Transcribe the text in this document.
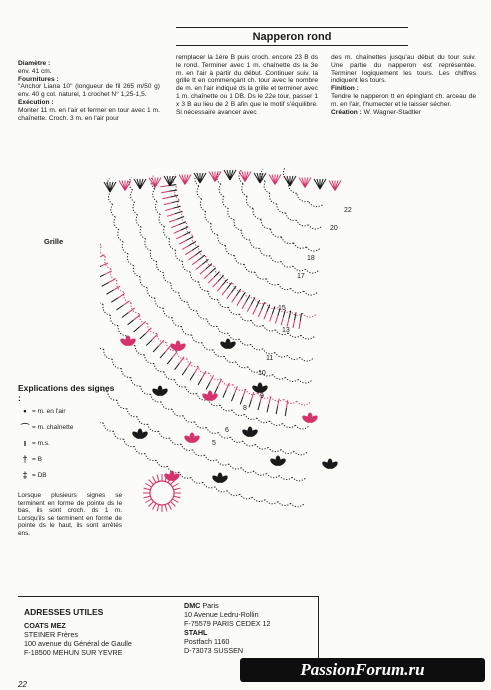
Napperon rond
Diamètre :
env. 41 cm.
Fournitures :
"Anchor Liana 10" (longueur de fil 265 m/50 g) env. 40 g col. naturel, 1 crochet N° 1,25-1,5.
Exécution :
Monter 11 m. en l'air et fermer en tour avec 1 m. chaînette. Croch. 3 m. en l'air pour
remplacer la 1ère B puis croch. encore 23 B ds le rond. Terminer avec 1 m. chaînette ds la 3e m. en l'air à partir du début. Continuer suiv. la grille tt en commençant ch. tour avec le nombre de m. en l'air indiqué ds la grille et terminer avec 1 m. chaînette ou 1 DB. Ds le 22e tour, passer 1 x 3 B au lieu de 2 B afin que le motif s'équilibre. Si nécessaire avancer avec
des m. chaînettes jusqu'au début du tour suiv. Une partie du napperon est représentée. Terminer logiquement les tours. Les chiffres indiquent les tours.
Finition :
Tendre le napperon tt en épinglant ch. arceau de m. en l'air, l'humecter et le laisser sécher.
Création : W. Wagner-Stadtler
22
20
18
17
15
13
11
10
9
8
6
5
Grille
Explications des signes :
• = m. en l'air
⌒ = m. chaînette
ı = m.s.
† = B
‡ = DB
Lorsque plusieurs signes se terminent en forme de pointe ds le bas, ils sont croch. ds 1 m. Lorsqu'ils se terminent en forme de pointe ds le haut, ils sont arrêtés ens.
ADRESSES UTILES
COATS MEZ
STEINER Frères
100 avenue du Général de Gaulle
F-18500 MEHUN SUR YEVRE
DMC Paris
10 Avenue Ledru-Rollin
F-75579 PARIS CEDEX 12
STAHL
Postfach 1160
D-73073 SUSSEN
22
PassionForum.ru
